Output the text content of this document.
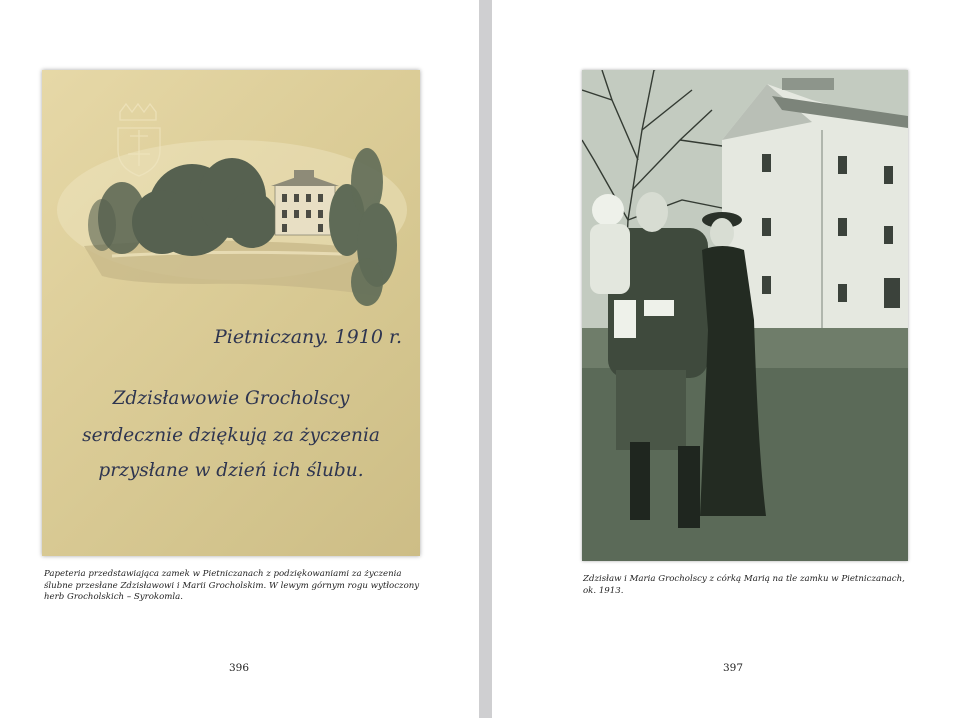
Pietniczany. 1910 r.
Zdzisławowie Grocholscy
serdecznie dziękują za życzenia
przysłane w dzień ich ślubu.
Papeteria przedstawiająca zamek w Pietniczanach z podziękowaniami za życzenia ślubne przesłane Zdzisławowi i Marii Grocholskim. W lewym górnym rogu wytłoczony herb Grocholskich – Syrokomla.
396
Zdzisław i Maria Grocholscy z córką Marią na tle zamku w Pietniczanach, ok. 1913.
397
